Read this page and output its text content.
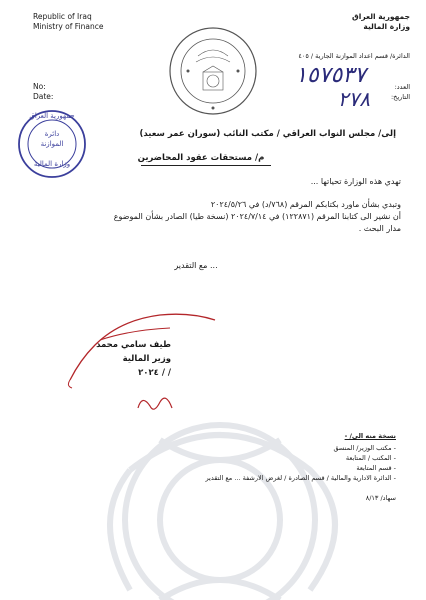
Republic of Iraq
Ministry of Finance
No:
Date:
جمهورية العراق
وزارة المالية
الدائرة/ قسم اعداد الموازنة الجارية / ٤٠٥
العدد:
التاريخ:
١٥٧٥٣٧
٢٧٨
جمهورية العراق
دائرة
الموازنة
وزارة المالية
إلى/ مجلس النواب العراقي / مكتب النائب (سوران عمر سعيد)
م/ مستحقات عقود المحاضرين
تهدي هذه الوزارة تحياتها ...
وتبدي بشأن ماورد بكتابكم المرقم (٧٦٨/د) في ٢٠٢٤/٥/٢٦
أن نشير الى كتابنا المرقم (١٢٢٨٧١) في ٢٠٢٤/٧/١٤ (نسخة طيا) الصادر بشأن الموضوع
مدار البحث .
... مع التقدير
طيف سامي محمد
وزير المالية
/ / ٢٠٢٤
نسخة منه الى/ -
- مكتب الوزير/ المنسق
- المكتب / المتابعة
- قسم المتابعة
- الدائرة الادارية والمالية / قسم الصادرة / لغرض الارشفة ... مع التقدير
سهاد/ ٨/١٣
